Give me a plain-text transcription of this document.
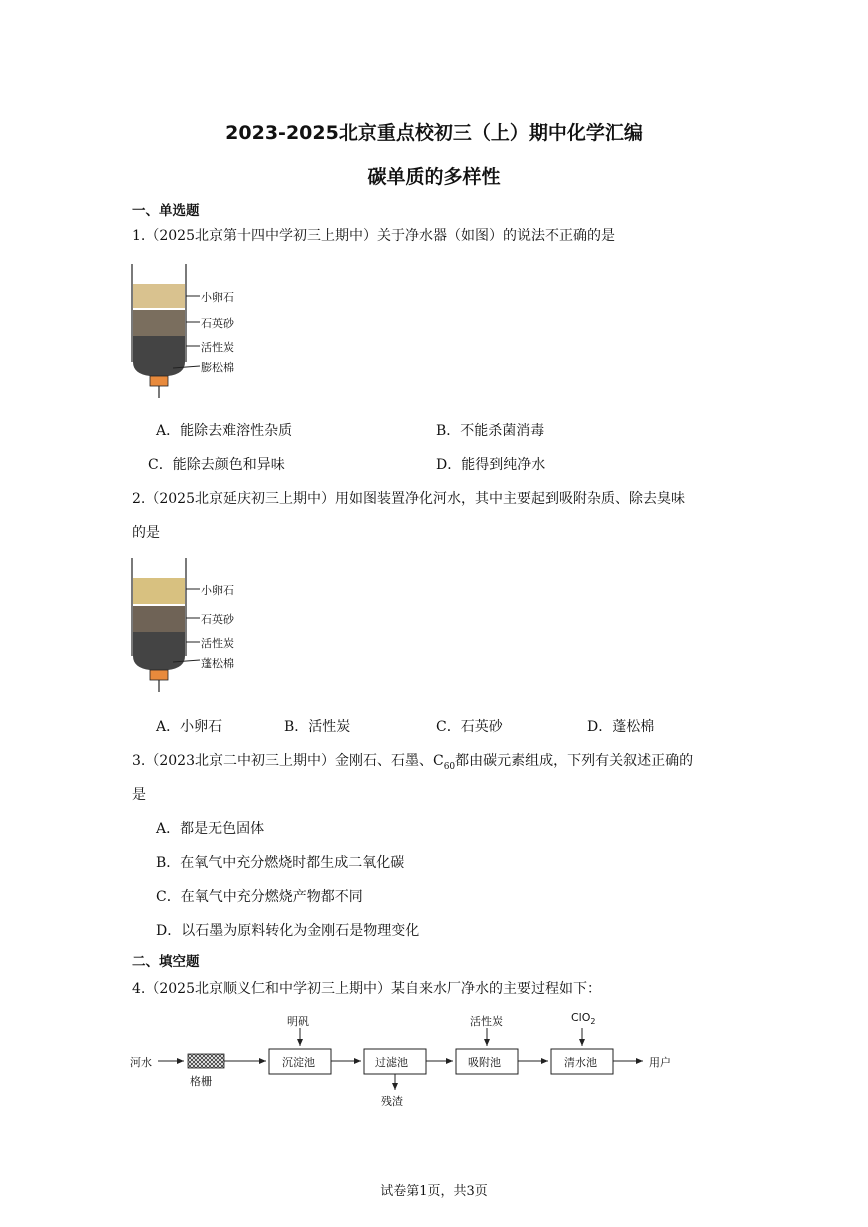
2023-2025北京重点校初三（上）期中化学汇编
碳单质的多样性
一、单选题
1.（2025北京第十四中学初三上期中）关于净水器（如图）的说法不正确的是
小卵石
石英砂
活性炭
膨松棉
A．能除去难溶性杂质	B．不能杀菌消毒
C．能除去颜色和异味	D．能得到纯净水
2.（2025北京延庆初三上期中）用如图装置净化河水，其中主要起到吸附杂质、除去臭味
的是
小卵石
石英砂
活性炭
蓬松棉
A．小卵石	B．活性炭	C．石英砂	D．蓬松棉
3.（2023北京二中初三上期中）金刚石、石墨、$C_{60}$都由碳元素组成，下列有关叙述正确的
是
A．都是无色固体
B．在氧气中充分燃烧时都生成二氧化碳
C．在氧气中充分燃烧产物都不同
D．以石墨为原料转化为金刚石是物理变化
二、填空题
4.（2025北京顺义仁和中学初三上期中）某自来水厂净水的主要过程如下：
河水
格栅
沉淀池	过滤池	吸附池	清水池	用户
明矾	活性炭	ClO$_2$
残渣
试卷第1页，共3页
